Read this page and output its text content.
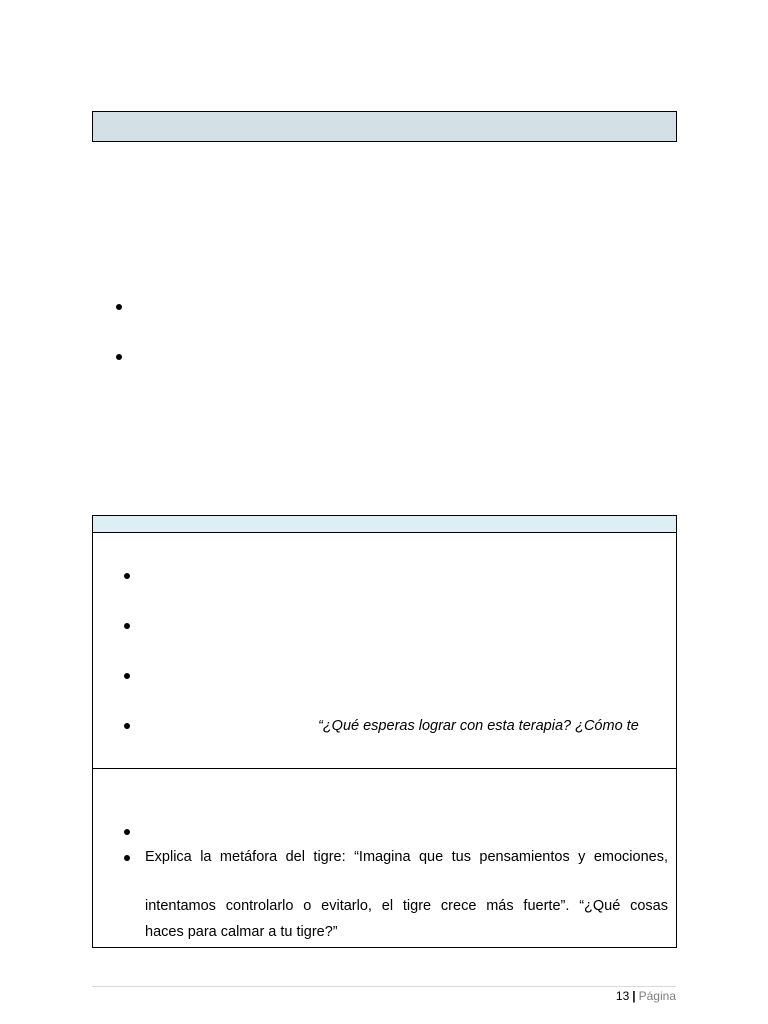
“¿Qué esperas lograr con esta terapia? ¿Cómo te
Explica la metáfora del tigre: “Imagina que tus pensamientos y emociones,
intentamos controlarlo o evitarlo, el tigre crece más fuerte”. “¿Qué cosas
haces para calmar a tu tigre?”
13 | Página
